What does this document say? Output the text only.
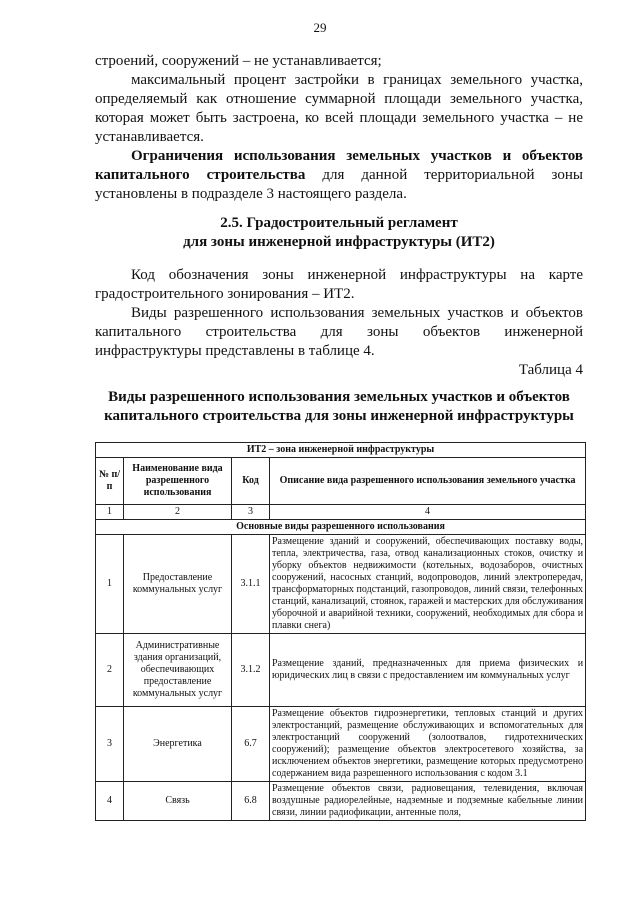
29

строений, сооружений – не устанавливается;

максимальный процент застройки в границах земельного участка, определяемый как отношение суммарной площади земельного участка, которая может быть застроена, ко всей площади земельного участка – не устанавливается.

Ограничения использования земельных участков и объектов капитального строительства для данной территориальной зоны установлены в подразделе 3 настоящего раздела.

2.5. Градостроительный регламент

для зоны инженерной инфраструктуры (ИТ2)

Код обозначения зоны инженерной инфраструктуры на карте градостроительного зонирования – ИТ2.

Виды разрешенного использования земельных участков и объектов капитального строительства для зоны объектов инженерной инфраструктуры представлены в таблице 4.

Таблица 4

Виды разрешенного использования земельных участков и объектов

капитального строительства для зоны инженерной инфраструктуры

ИТ2 – зона инженерной инфраструктуры			
№ п/п	Наименование вида разрешенного использования	Код	Описание вида разрешенного использования земельного участка
1	2	3	4
Основные виды разрешенного использования			
1	Предоставление коммунальных услуг	3.1.1	Размещение зданий и сооружений, обеспечивающих поставку воды, тепла, электричества, газа, отвод канализационных стоков, очистку и уборку объектов недвижимости (котельных, водозаборов, очистных сооружений, насосных станций, водопроводов, линий электропередач, трансформаторных подстанций, газопроводов, линий связи, телефонных станций, канализаций, стоянок, гаражей и мастерских для обслуживания уборочной и аварийной техники, сооружений, необходимых для сбора и плавки снега)
2	Административные здания организаций, обеспечивающих предоставление коммунальных услуг	3.1.2	Размещение зданий, предназначенных для приема физических и юридических лиц в связи с предоставлением им коммунальных услуг
3	Энергетика	6.7	Размещение объектов гидроэнергетики, тепловых станций и других электростанций, размещение обслуживающих и вспомогательных для электростанций сооружений (золоотвалов, гидротехнических сооружений); размещение объектов электросетевого хозяйства, за исключением объектов энергетики, размещение которых предусмотрено содержанием вида разрешенного использования с кодом 3.1
4	Связь	6.8	Размещение объектов связи, радиовещания, телевидения, включая воздушные радиорелейные, надземные и подземные кабельные линии связи, линии радиофикации, антенные поля,
